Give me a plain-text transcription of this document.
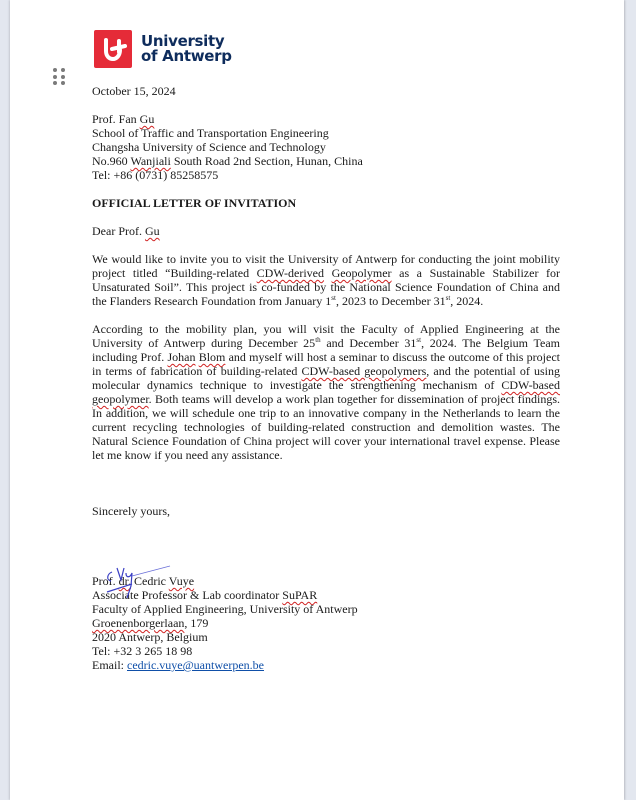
University
of Antwerp

October 15, 2024

Prof. Fan Gu

School of Traffic and Transportation Engineering

Changsha University of Science and Technology

No.960 Wanjiali South Road 2nd Section, Hunan, China

Tel: +86 (0731) 85258575

OFFICIAL LETTER OF INVITATION

Dear Prof. Gu

We would like to invite you to visit the University of Antwerp for conducting the joint mobility project titled “Building-related CDW-derived Geopolymer as a Sustainable Stabilizer for Unsaturated Soil”. This project is co-funded by the National Science Foundation of China and the Flanders Research Foundation from January 1st, 2023 to December 31st, 2024.

According to the mobility plan, you will visit the Faculty of Applied Engineering at the University of Antwerp during December 25th and December 31st, 2024. The Belgium Team including Prof. Johan Blom and myself will host a seminar to discuss the outcome of this project in terms of fabrication of building-related CDW-based geopolymers, and the potential of using molecular dynamics technique to investigate the strengthening mechanism of CDW-based geopolymer. Both teams will develop a work plan together for dissemination of project findings. In addition, we will schedule one trip to an innovative company in the Netherlands to learn the current recycling technologies of building-related construction and demolition wastes. The Natural Science Foundation of China project will cover your international travel expense. Please let me know if you need any assistance.

Sincerely yours,

Prof. dr. Cedric Vuye

Associate Professor & Lab coordinator SuPAR

Faculty of Applied Engineering, University of Antwerp

Groenenborgerlaan, 179

2020 Antwerp, Belgium

Tel: +32 3 265 18 98

Email: cedric.vuye@uantwerpen.be
